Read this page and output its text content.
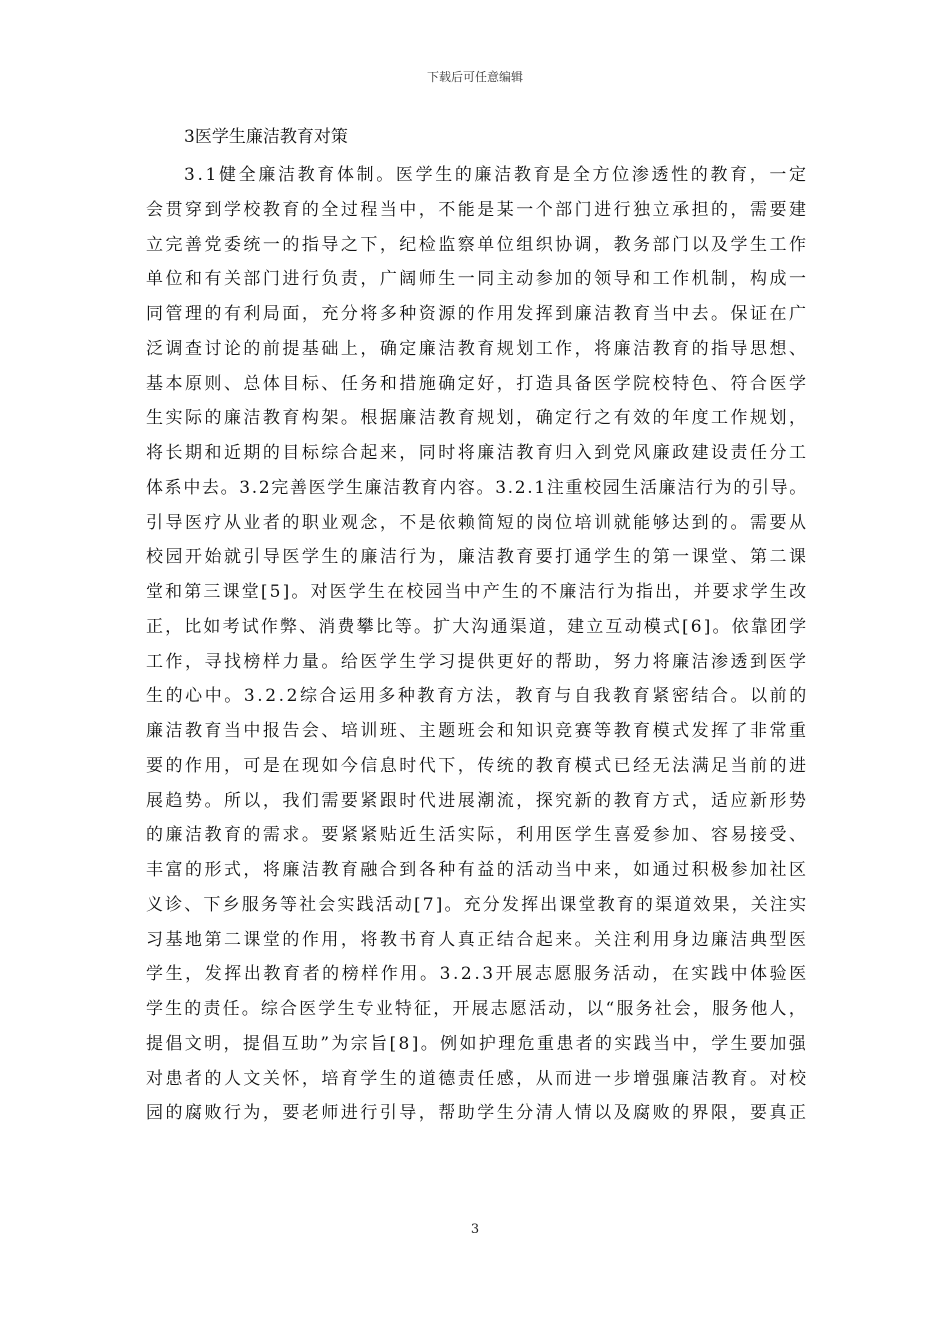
下载后可任意编辑
3医学生廉洁教育对策
3.1健全廉洁教育体制。医学生的廉洁教育是全方位渗透性的教育，一定
会贯穿到学校教育的全过程当中，不能是某一个部门进行独立承担的，需要建
立完善党委统一的指导之下，纪检监察单位组织协调，教务部门以及学生工作
单位和有关部门进行负责，广阔师生一同主动参加的领导和工作机制，构成一
同管理的有利局面，充分将多种资源的作用发挥到廉洁教育当中去。保证在广
泛调查讨论的前提基础上，确定廉洁教育规划工作，将廉洁教育的指导思想、
基本原则、总体目标、任务和措施确定好，打造具备医学院校特色、符合医学
生实际的廉洁教育构架。根据廉洁教育规划，确定行之有效的年度工作规划，
将长期和近期的目标综合起来，同时将廉洁教育归入到党风廉政建设责任分工
体系中去。3.2完善医学生廉洁教育内容。3.2.1注重校园生活廉洁行为的引导。
引导医疗从业者的职业观念，不是依赖简短的岗位培训就能够达到的。需要从
校园开始就引导医学生的廉洁行为，廉洁教育要打通学生的第一课堂、第二课
堂和第三课堂[5]。对医学生在校园当中产生的不廉洁行为指出，并要求学生改
正，比如考试作弊、消费攀比等。扩大沟通渠道，建立互动模式[6]。依靠团学
工作，寻找榜样力量。给医学生学习提供更好的帮助，努力将廉洁渗透到医学
生的心中。3.2.2综合运用多种教育方法，教育与自我教育紧密结合。以前的
廉洁教育当中报告会、培训班、主题班会和知识竞赛等教育模式发挥了非常重
要的作用，可是在现如今信息时代下，传统的教育模式已经无法满足当前的进
展趋势。所以，我们需要紧跟时代进展潮流，探究新的教育方式，适应新形势
的廉洁教育的需求。要紧紧贴近生活实际，利用医学生喜爱参加、容易接受、
丰富的形式，将廉洁教育融合到各种有益的活动当中来，如通过积极参加社区
义诊、下乡服务等社会实践活动[7]。充分发挥出课堂教育的渠道效果，关注实
习基地第二课堂的作用，将教书育人真正结合起来。关注利用身边廉洁典型医
学生，发挥出教育者的榜样作用。3.2.3开展志愿服务活动，在实践中体验医
学生的责任。综合医学生专业特征，开展志愿活动，以“服务社会，服务他人，
提倡文明，提倡互助”为宗旨[8]。例如护理危重患者的实践当中，学生要加强
对患者的人文关怀，培育学生的道德责任感，从而进一步增强廉洁教育。对校
园的腐败行为，要老师进行引导，帮助学生分清人情以及腐败的界限，要真正
3
